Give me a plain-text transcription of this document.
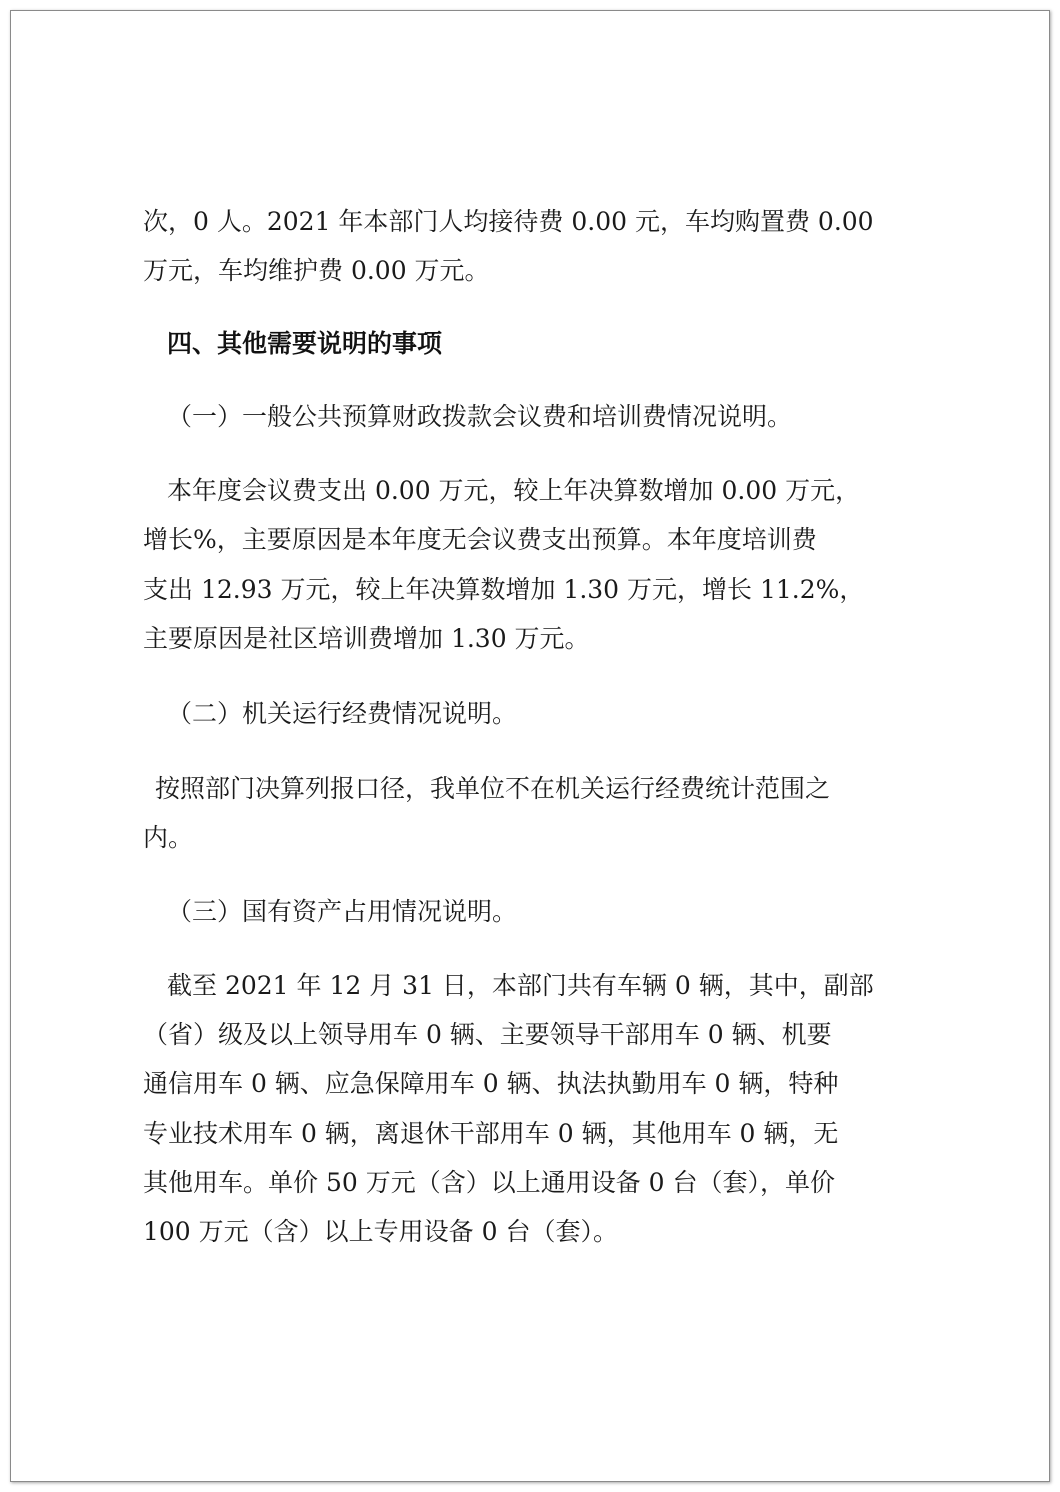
次，0 人。2021 年本部门人均接待费 0.00 元，车均购置费 0.00
万元，车均维护费 0.00 万元。
四、其他需要说明的事项
（一）一般公共预算财政拨款会议费和培训费情况说明。
本年度会议费支出 0.00 万元，较上年决算数增加 0.00 万元，
增长%，主要原因是本年度无会议费支出预算。本年度培训费
支出 12.93 万元，较上年决算数增加 1.30 万元，增长 11.2%，
主要原因是社区培训费增加 1.30 万元。
（二）机关运行经费情况说明。
按照部门决算列报口径，我单位不在机关运行经费统计范围之
内。
（三）国有资产占用情况说明。
截至 2021 年 12 月 31 日，本部门共有车辆 0 辆，其中，副部
（省）级及以上领导用车 0 辆、主要领导干部用车 0 辆、机要
通信用车 0 辆、应急保障用车 0 辆、执法执勤用车 0 辆，特种
专业技术用车 0 辆，离退休干部用车 0 辆，其他用车 0 辆，无
其他用车。单价 50 万元（含）以上通用设备 0 台（套），单价
100 万元（含）以上专用设备 0 台（套）。
